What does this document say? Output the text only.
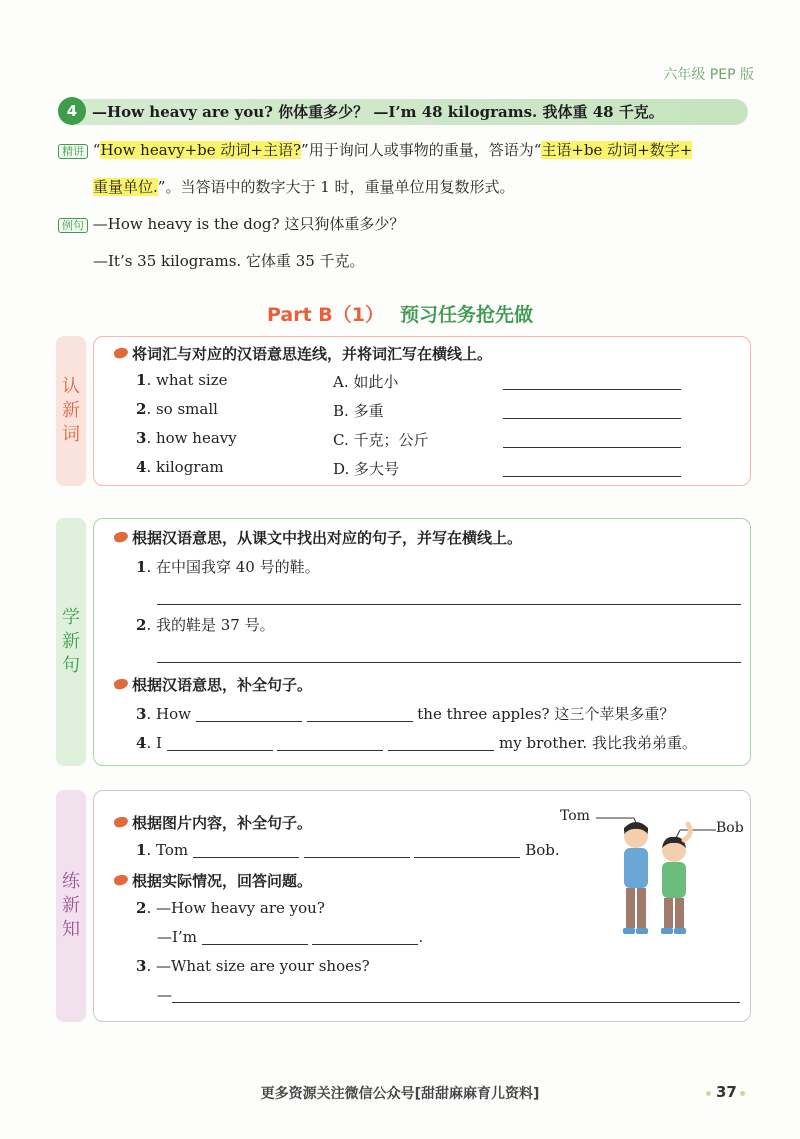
六年级 PEP 版
4 —How heavy are you? 你体重多少？ —I’m 48 kilograms. 我体重 48 千克。
精讲 “How heavy+be 动词+主语?”用于询问人或事物的重量，答语为“主语+be 动词+数字+
重量单位.”。当答语中的数字大于 1 时，重量单位用复数形式。
例句 —How heavy is the dog? 这只狗体重多少？
—It’s 35 kilograms. 它体重 35 千克。
Part B（1） 预习任务抢先做
认
新
词
将词汇与对应的汉语意思连线，并将词汇写在横线上。
1. what size	A. 如此小
2. so small	B. 多重
3. how heavy	C. 千克；公斤
4. kilogram	D. 多大号
学
新
句
根据汉语意思，从课文中找出对应的句子，并写在横线上。
1. 在中国我穿 40 号的鞋。
2. 我的鞋是 37 号。
根据汉语意思，补全句子。
3. How	the three apples? 这三个苹果多重？
4. I	my brother. 我比我弟弟重。
练
新
知
根据图片内容，补全句子。
1. Tom	Bob.
根据实际情况，回答问题。
2. —How heavy are you?
—I’m	.
3. —What size are your shoes?
—
Tom
Bob
更多资源关注微信公众号[甜甜麻麻育儿资料]	37
